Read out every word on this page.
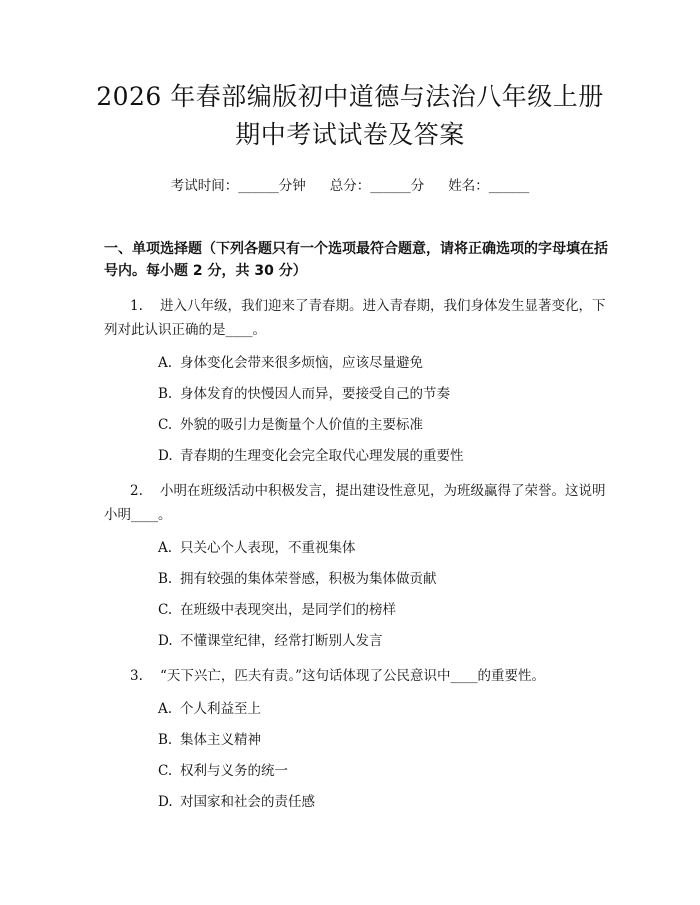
2026 年春部编版初中道德与法治八年级上册
期中考试试卷及答案
考试时间：______分钟 总分：______分 姓名：______
一、单项选择题（下列各题只有一个选项最符合题意，请将正确选项的字母填在括号内。每小题 2 分，共 30 分）
1. 进入八年级，我们迎来了青春期。进入青春期，我们身体发生显著变化，下列对此认识正确的是____。
A. 身体变化会带来很多烦恼，应该尽量避免
B. 身体发育的快慢因人而异，要接受自己的节奏
C. 外貌的吸引力是衡量个人价值的主要标准
D. 青春期的生理变化会完全取代心理发展的重要性
2. 小明在班级活动中积极发言，提出建设性意见，为班级赢得了荣誉。这说明小明____。
A. 只关心个人表现，不重视集体
B. 拥有较强的集体荣誉感，积极为集体做贡献
C. 在班级中表现突出，是同学们的榜样
D. 不懂课堂纪律，经常打断别人发言
3. “天下兴亡，匹夫有责。”这句话体现了公民意识中____的重要性。
A. 个人利益至上
B. 集体主义精神
C. 权利与义务的统一
D. 对国家和社会的责任感
